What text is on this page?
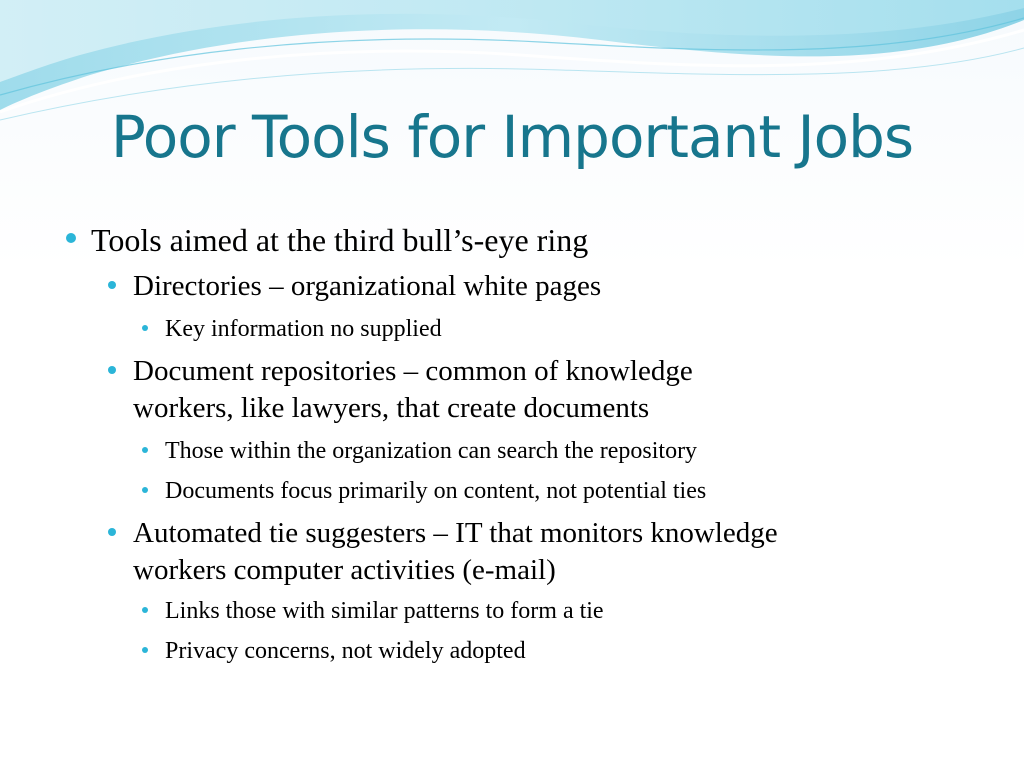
Poor Tools for Important Jobs
Tools aimed at the third bull’s-eye ring
Directories – organizational white pages
Key information no supplied
Document repositories – common of knowledge
workers, like lawyers, that create documents
Those within the organization can search the repository
Documents focus primarily on content, not potential ties
Automated tie suggesters – IT that monitors knowledge
workers computer activities (e-mail)
Links those with similar patterns to form a tie
Privacy concerns, not widely adopted
